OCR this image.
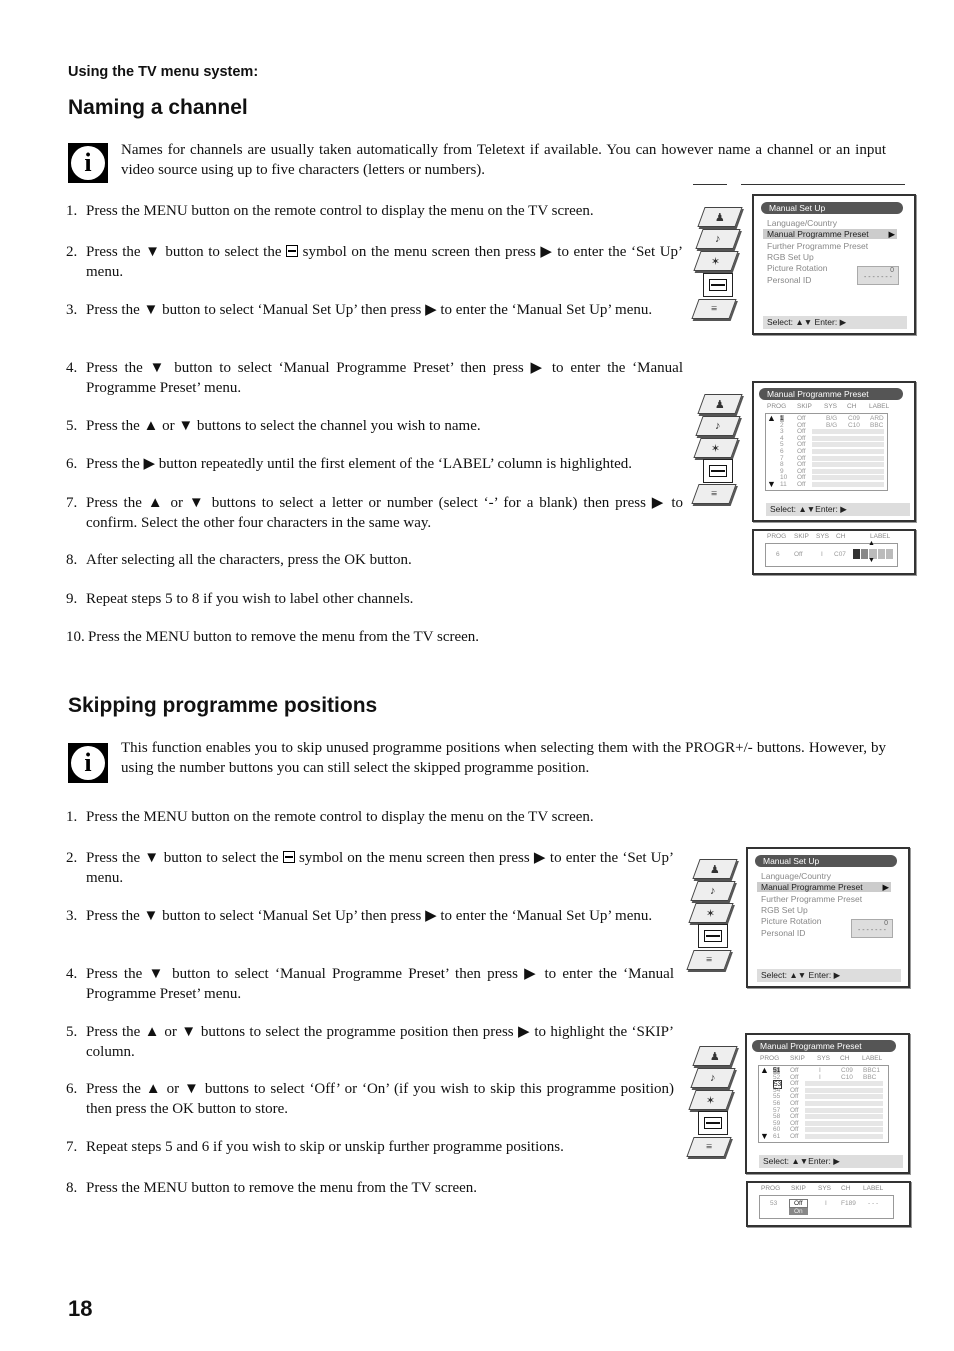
Using the TV menu system:
Naming a channel
i	Names for channels are usually taken automatically from Teletext if available. You can however name a channel or an input video source using up to five characters (letters or numbers).
1. Press the MENU button on the remote control to display the menu on the TV screen.
2. Press the ▼ button to select the symbol on the menu screen then press ▶ to enter the ‘Set Up’ menu.
3. Press the ▼ button to select ‘Manual Set Up’ then press ▶ to enter the ‘Manual Set Up’ menu.
4. Press the ▼ button to select ‘Manual Programme Preset’ then press ▶ to enter the ‘Manual Programme Preset’ menu.
5. Press the ▲ or ▼ buttons to select the channel you wish to name.
6. Press the ▶ button repeatedly until the first element of the ‘LABEL’ column is highlighted.
7. Press the ▲ or ▼ buttons to select a letter or number (select ‘-’ for a blank) then press ▶ to confirm. Select the other four characters in the same way.
8. After selecting all the characters, press the OK button.
9. Repeat steps 5 to 8 if you wish to label other channels.
10. Press the MENU button to remove the menu from the TV screen.
Skipping programme positions
i	This function enables you to skip unused programme positions when selecting them with the PROGR+/- buttons. However, by using the number buttons you can still select the skipped programme position.
1. Press the MENU button on the remote control to display the menu on the TV screen.
2. Press the ▼ button to select the symbol on the menu screen then press ▶ to enter the ‘Set Up’ menu.
3. Press the ▼ button to select ‘Manual Set Up’ then press ▶ to enter the ‘Manual Set Up’ menu.
4. Press the ▼ button to select ‘Manual Programme Preset’ then press ▶ to enter the ‘Manual Programme Preset’ menu.
5. Press the ▲ or ▼ buttons to select the programme position then press ▶ to highlight the ‘SKIP’ column.
6. Press the ▲ or ▼ buttons to select ‘Off’ or ‘On’ (if you wish to skip this programme position) then press the OK button to store.
7. Repeat steps 5 and 6 if you wish to skip or unskip further programme positions.
8. Press the MENU button to remove the menu from the TV screen.
♟
♪
✶
≡
Manual Set Up
Language/Country
Manual Programme Preset ▶
Further Programme Preset
RGB Set Up
Picture Rotation
Personal ID
0
- - - - - - -
Select: ▲▼ Enter: ▶
♟
♪
✶
≡
Manual Programme Preset
PROG SKIP SYS CH LABEL
▲
▼
1 Off	B/G C09 ARD
2 Off	B/G C10 BBC
3 Off
4 Off
5 Off
6 Off
7 Off
8 Off
9 Off
10 Off
11 Off
Select: ▲▼Enter: ▶
PROG SKIP SYS CH	LABEL
6 Off	I C07
▲
▼
♟
♪
✶
≡
Manual Set Up
Language/Country
Manual Programme Preset ▶
Further Programme Preset
RGB Set Up
Picture Rotation
Personal ID
0
- - - - - - -
Select: ▲▼ Enter: ▶
♟
♪
✶
≡
Manual Programme Preset
PROG SKIP SYS CH LABEL
▲
▼
51 Off	I	C09 BBC1
52 Off	I	C10 BBC
53 Off
54 Off
55 Off
56 Off
57 Off
58 Off
59 Off
60 Off
61 Off
Select: ▲▼Enter: ▶
PROG SKIP SYS CH LABEL
53	Off
On
I F189 - - -
18
